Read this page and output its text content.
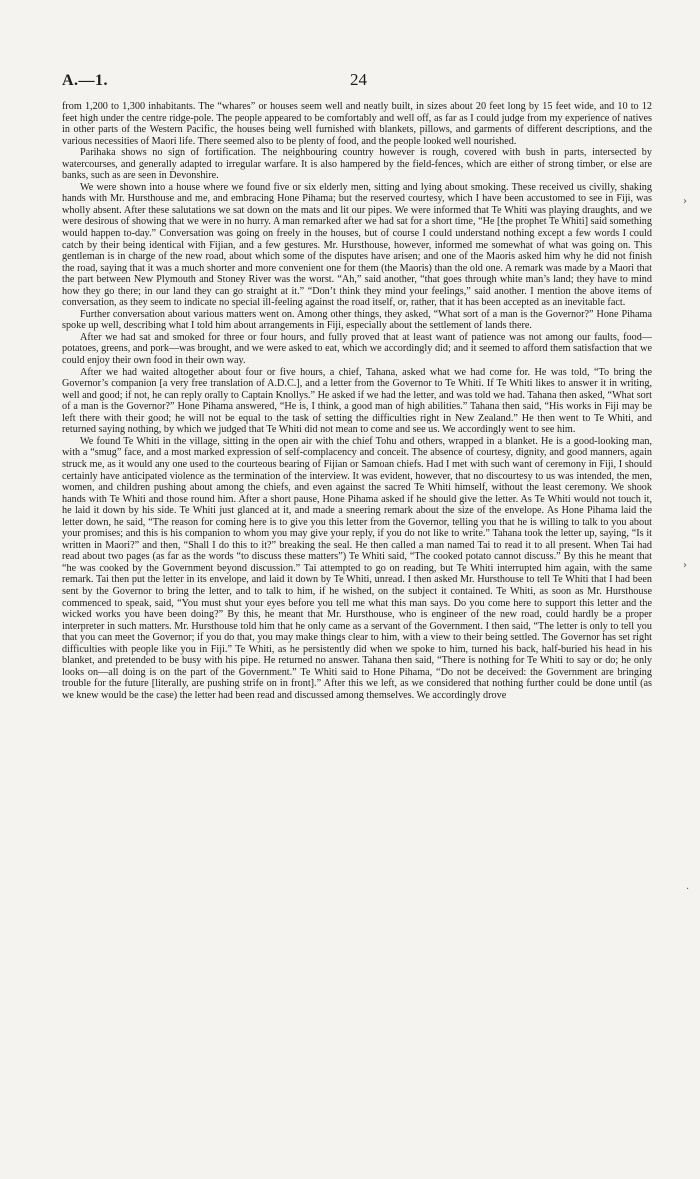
A.—1.	24

from 1,200 to 1,300 inhabitants. The “whares” or houses seem well and neatly built, in sizes about 20 feet long by 15 feet wide, and 10 to 12 feet high under the centre ridge-pole. The people appeared to be comfortably and well off, as far as I could judge from my experience of natives in other parts of the Western Pacific, the houses being well furnished with blankets, pillows, and garments of different descriptions, and the various necessities of Maori life. There seemed also to be plenty of food, and the people looked well nourished.

Parihaka shows no sign of fortification. The neighbouring country however is rough, covered with bush in parts, intersected by watercourses, and generally adapted to irregular warfare. It is also hampered by the field-fences, which are either of strong timber, or else are banks, such as are seen in Devonshire.

We were shown into a house where we found five or six elderly men, sitting and lying about smoking. These received us civilly, shaking hands with Mr. Hursthouse and me, and embracing Hone Pihama; but the reserved courtesy, which I have been accustomed to see in Fiji, was wholly absent. After these salutations we sat down on the mats and lit our pipes. We were informed that Te Whiti was playing draughts, and we were desirous of showing that we were in no hurry. A man remarked after we had sat for a short time, “He [the prophet Te Whiti] said something would happen to-day.” Conversation was going on freely in the houses, but of course I could understand nothing except a few words I could catch by their being identical with Fijian, and a few gestures. Mr. Hursthouse, however, informed me somewhat of what was going on. This gentleman is in charge of the new road, about which some of the disputes have arisen; and one of the Maoris asked him why he did not finish the road, saying that it was a much shorter and more convenient one for them (the Maoris) than the old one. A remark was made by a Maori that the part between New Plymouth and Stoney River was the worst. “Ah,” said another, “that goes through white man’s land; they have to mind how they go there; in our land they can go straight at it.” “Don’t think they mind your feelings,” said another. I mention the above items of conversation, as they seem to indicate no special ill-feeling against the road itself, or, rather, that it has been accepted as an inevitable fact.

Further conversation about various matters went on. Among other things, they asked, “What sort of a man is the Governor?” Hone Pihama spoke up well, describing what I told him about arrangements in Fiji, especially about the settlement of lands there.

After we had sat and smoked for three or four hours, and fully proved that at least want of patience was not among our faults, food—potatoes, greens, and pork—was brought, and we were asked to eat, which we accordingly did; and it seemed to afford them satisfaction that we could enjoy their own food in their own way.

After we had waited altogether about four or five hours, a chief, Tahana, asked what we had come for. He was told, “To bring the Governor’s companion [a very free translation of A.D.C.], and a letter from the Governor to Te Whiti. If Te Whiti likes to answer it in writing, well and good; if not, he can reply orally to Captain Knollys.” He asked if we had the letter, and was told we had. Tahana then asked, “What sort of a man is the Governor?” Hone Pihama answered, “He is, I think, a good man of high abilities.” Tahana then said, “His works in Fiji may be left there with their good; he will not be equal to the task of setting the difficulties right in New Zealand.” He then went to Te Whiti, and returned saying nothing, by which we judged that Te Whiti did not mean to come and see us. We accordingly went to see him.

We found Te Whiti in the village, sitting in the open air with the chief Tohu and others, wrapped in a blanket. He is a good-looking man, with a “smug” face, and a most marked expression of self-complacency and conceit. The absence of courtesy, dignity, and good manners, again struck me, as it would any one used to the courteous bearing of Fijian or Samoan chiefs. Had I met with such want of ceremony in Fiji, I should certainly have anticipated violence as the termination of the interview. It was evident, however, that no discourtesy to us was intended, the men, women, and children pushing about among the chiefs, and even against the sacred Te Whiti himself, without the least ceremony. We shook hands with Te Whiti and those round him. After a short pause, Hone Pihama asked if he should give the letter. As Te Whiti would not touch it, he laid it down by his side. Te Whiti just glanced at it, and made a sneering remark about the size of the envelope. As Hone Pihama laid the letter down, he said, “The reason for coming here is to give you this letter from the Governor, telling you that he is willing to talk to you about your promises; and this is his companion to whom you may give your reply, if you do not like to write.” Tahana took the letter up, saying, “Is it written in Maori?” and then, “Shall I do this to it?” breaking the seal. He then called a man named Tai to read it to all present. When Tai had read about two pages (as far as the words “to discuss these matters”) Te Whiti said, “The cooked potato cannot discuss.” By this he meant that “he was cooked by the Government beyond discussion.” Tai attempted to go on reading, but Te Whiti interrupted him again, with the same remark. Tai then put the letter in its envelope, and laid it down by Te Whiti, unread. I then asked Mr. Hursthouse to tell Te Whiti that I had been sent by the Governor to bring the letter, and to talk to him, if he wished, on the subject it contained. Te Whiti, as soon as Mr. Hursthouse commenced to speak, said, “You must shut your eyes before you tell me what this man says. Do you come here to support this letter and the wicked works you have been doing?” By this, he meant that Mr. Hursthouse, who is engineer of the new road, could hardly be a proper interpreter in such matters. Mr. Hursthouse told him that he only came as a servant of the Government. I then said, “The letter is only to tell you that you can meet the Governor; if you do that, you may make things clear to him, with a view to their being settled. The Governor has set right difficulties with people like you in Fiji.” Te Whiti, as he persistently did when we spoke to him, turned his back, half-buried his head in his blanket, and pretended to be busy with his pipe. He returned no answer. Tahana then said, “There is nothing for Te Whiti to say or do; he only looks on—all doing is on the part of the Government.” Te Whiti said to Hone Pihama, “Do not be deceived: the Government are bringing trouble for the future [literally, are pushing strife on in front].” After this we left, as we considered that nothing further could be done until (as we knew would be the case) the letter had been read and discussed among themselves. We accordingly drove

›
›
·
